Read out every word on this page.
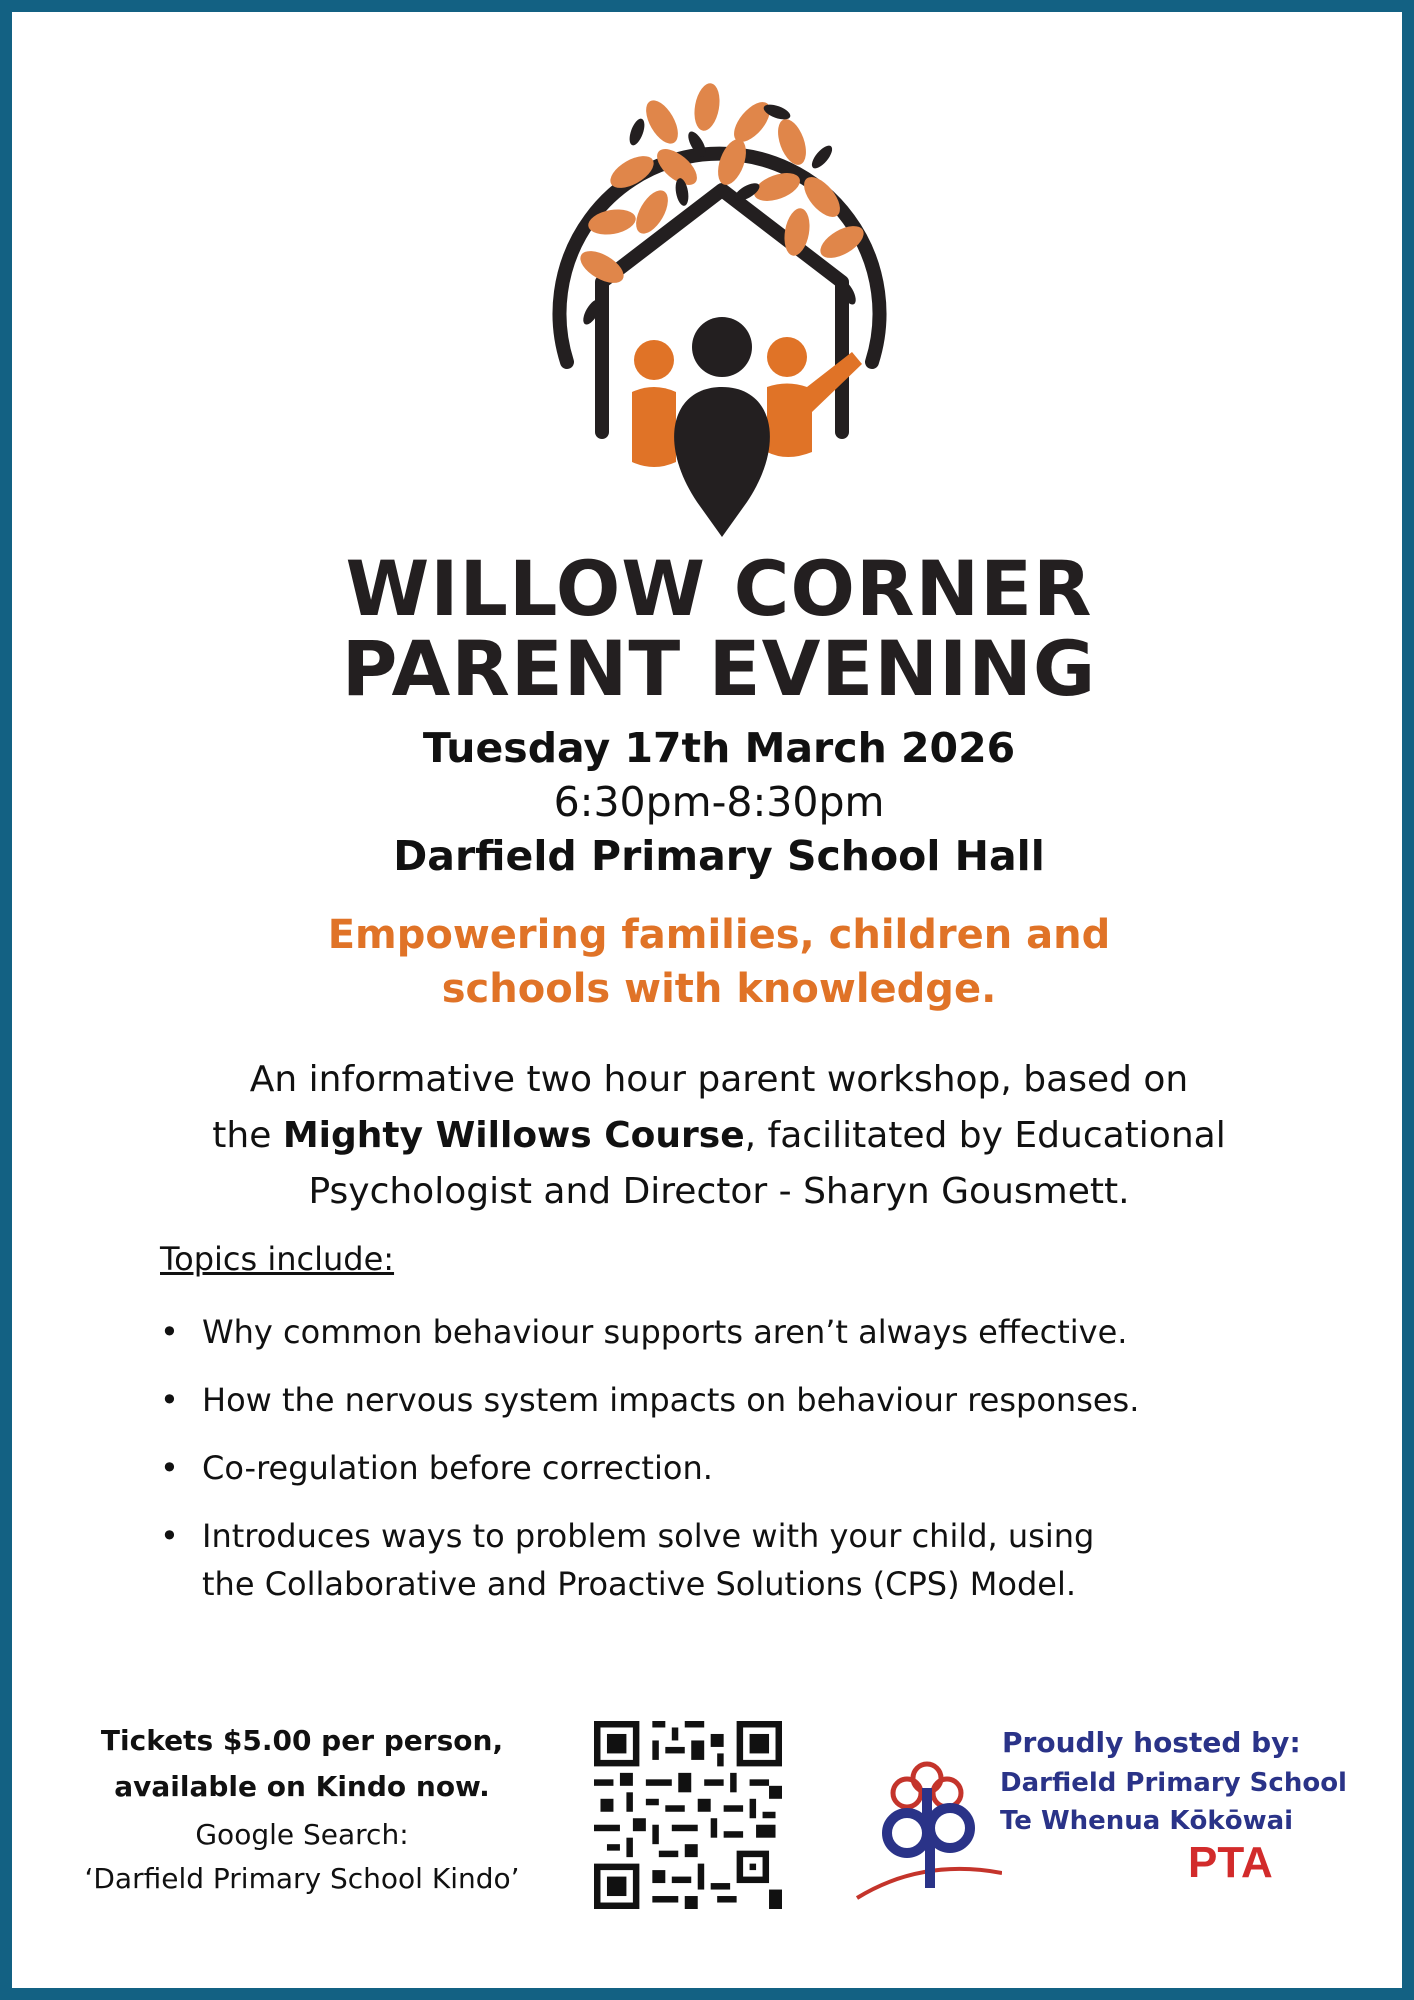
WILLOW CORNER
PARENT EVENING
Tuesday 17th March 2026
6:30pm-8:30pm
Darfield Primary School Hall
Empowering families, children and
schools with knowledge.
An informative two hour parent workshop, based on
the Mighty Willows Course, facilitated by Educational
Psychologist and Director - Sharyn Gousmett.
Topics include:
• Why common behaviour supports aren’t always effective.
• How the nervous system impacts on behaviour responses.
• Co-regulation before correction.
• Introduces ways to problem solve with your child, using
the Collaborative and Proactive Solutions (CPS) Model.
Tickets $5.00 per person,
available on Kindo now.
Google Search:
‘Darfield Primary School Kindo’
Proudly hosted by:
Darfield Primary School
Te Whenua Kōkōwai
PTA
